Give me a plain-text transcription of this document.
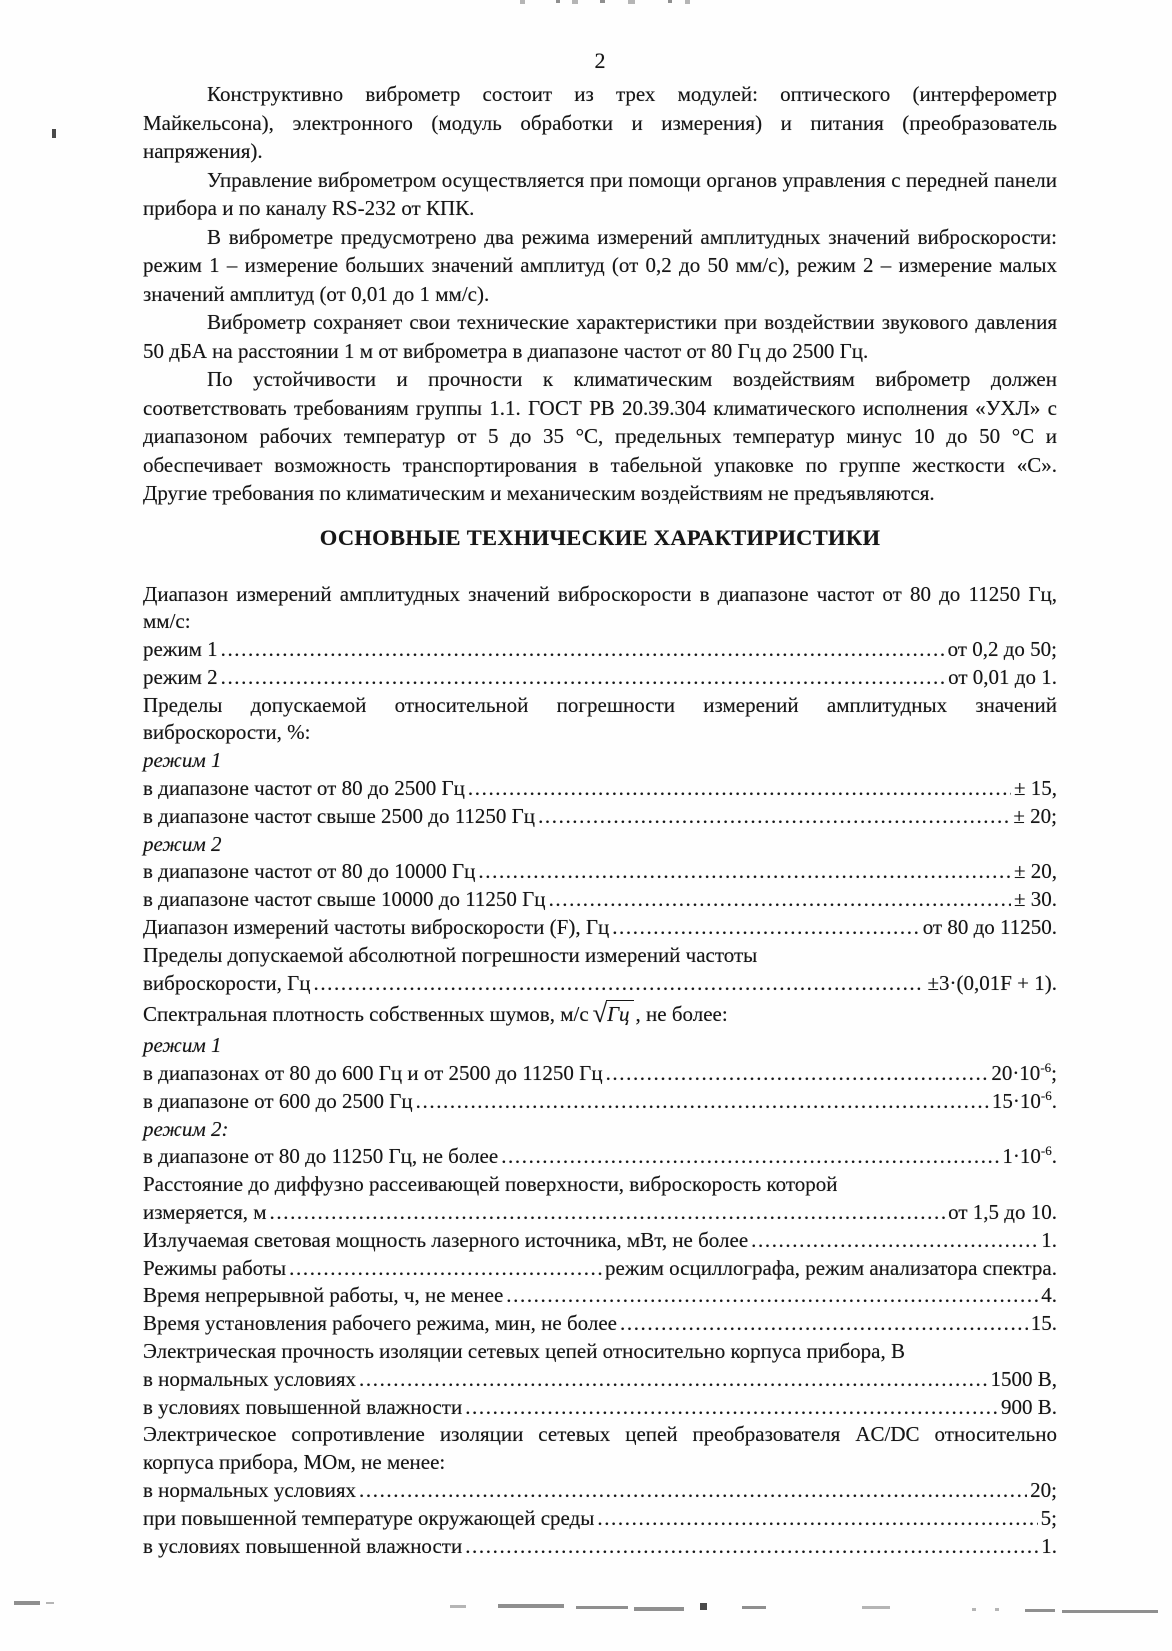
2

Конструктивно виброметр состоит из трех модулей: оптического (интерферометр Майкельсона), электронного (модуль обработки и измерения) и питания (преобразователь напряжения).

Управление виброметром осуществляется при помощи органов управления с передней панели прибора и по каналу RS-232 от КПК.

В виброметре предусмотрено два режима измерений амплитудных значений виброскорости: режим 1 – измерение больших значений амплитуд (от 0,2 до 50 мм/с), режим 2 – измерение малых значений амплитуд (от 0,01 до 1 мм/с).

Виброметр сохраняет свои технические характеристики при воздействии звукового давления 50 дБА на расстоянии 1 м от виброметра в диапазоне частот от 80 Гц до 2500 Гц.

По устойчивости и прочности к климатическим воздействиям виброметр должен соответствовать требованиям группы 1.1. ГОСТ РВ 20.39.304 климатического исполнения «УХЛ» с диапазоном рабочих температур от 5 до 35 °С, предельных температур минус 10 до 50 °С и обеспечивает возможность транспортирования в табельной упаковке по группе жесткости «С». Другие требования по климатическим и механическим воздействиям не предъявляются.

ОСНОВНЫЕ ТЕХНИЧЕСКИЕ ХАРАКТИРИСТИКИ
Диапазон измерений амплитудных значений виброскорости в диапазоне частот от 80 до 11250 Гц, мм/с:
режим 1 .....	от 0,2 до 50;
режим 2 .....	от 0,01 до 1.
Пределы допускаемой относительной погрешности измерений амплитудных значений виброскорости, %:
режим 1
в диапазоне частот от 80 до 2500 Гц .....	± 15,
в диапазоне частот свыше 2500 до 11250 Гц .....	± 20;
режим 2
в диапазоне частот от 80 до 10000 Гц .....	± 20,
в диапазоне частот свыше 10000 до 11250 Гц .....	± 30.
Диапазон измерений частоты виброскорости (F), Гц .....	от 80 до 11250.
Пределы допускаемой абсолютной погрешности измерений частоты
виброскорости, Гц .....	±3·(0,01F + 1).
Спектральная плотность собственных шумов, м/с √ Гц , не более:
режим 1
в диапазонах от 80 до 600 Гц и от 2500 до 11250 Гц .....	$20\cdot 10^{-6}$;
в диапазоне от 600 до 2500 Гц .....	$15\cdot 10^{-6}$.
режим 2:
в диапазоне от 80 до 11250 Гц, не более .....	$1\cdot 10^{-6}$.
Расстояние до диффузно рассеивающей поверхности, виброскорость которой
измеряется, м .....	от 1,5 до 10.
Излучаемая световая мощность лазерного источника, мВт, не более .....	1.
Режимы работы .....	режим осциллографа, режим анализатора спектра.
Время непрерывной работы, ч, не менее .....	4.
Время установления рабочего режима, мин, не более .....	15.
Электрическая прочность изоляции сетевых цепей относительно корпуса прибора, В
в нормальных условиях .....	1500 В,
в условиях повышенной влажности .....	900 В.
Электрическое сопротивление изоляции сетевых цепей преобразователя AC/DC относительно корпуса прибора, МОм, не менее:
в нормальных условиях .....	20;
при повышенной температуре окружающей среды .....	5;
в условиях повышенной влажности .....	1.
